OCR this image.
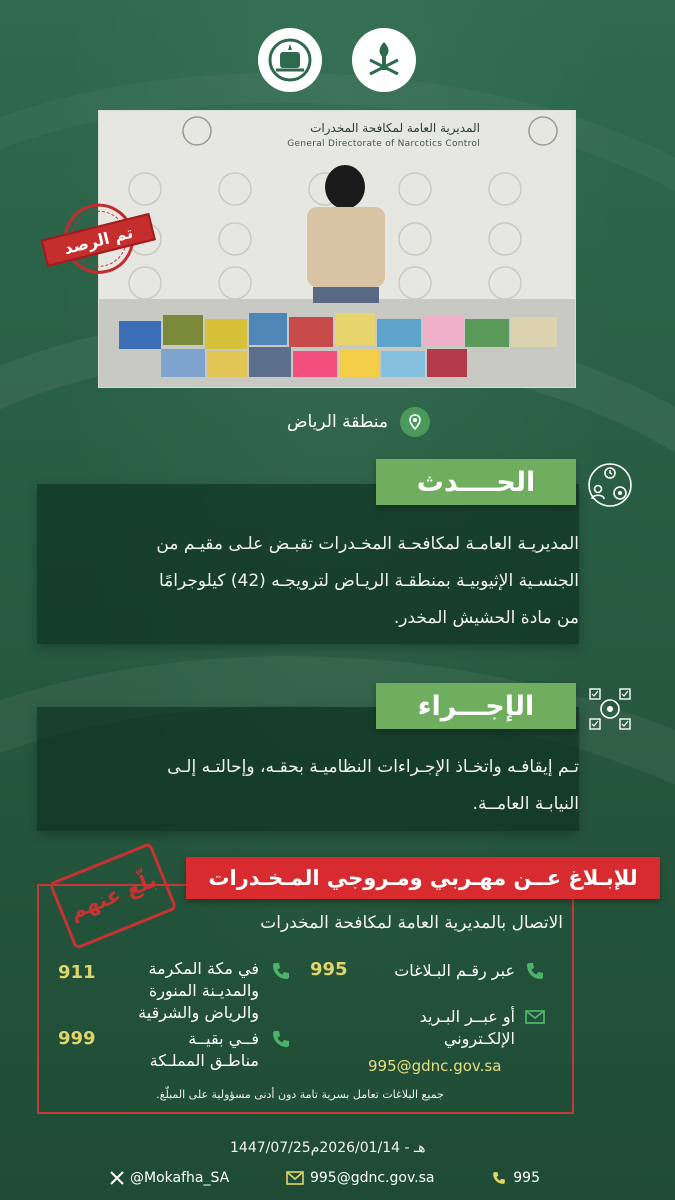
المديرية العامة لمكافحة المخدرات
General Directorate of Narcotics Control
تم الرصد
منطقة الرياض
الحــــدث
المديريـة العامـة لمكافحـة المخـدرات تقبـض علـى مقيـم من
الجنسـية الإثيوبيـة بمنطقـة الريـاض لترويجـه (42) كيلوجرامًا
من مادة الحشيش المخدر.
الإجـــراء
تـم إيقافـه واتخـاذ الإجـراءات النظاميـة بحقـه، وإحالتـه إلـى
النيابـة العامــة.
للإبـلاغ عــن مهـربي ومـروجي المـخـدرات
بلّغ عنهم	الاتصال بالمديرية العامة لمكافحة المخدرات
عبر رقـم البـلاغات
995
أو عبــر البـريد
الإلكـتروني
995@gdnc.gov.sa
في مكة المكرمة
والمديـنة المنورة
والرياض والشرقية
911
فــي بقيــة
مناطـق المملـكة
999
جميع البلاغات تعامل بسرية تامة دون أدنى مسؤولية على المبلّغ.
1447/07/25هـ - 2026/01/14م
@Mokafha_SA	995@gdnc.gov.sa	995
